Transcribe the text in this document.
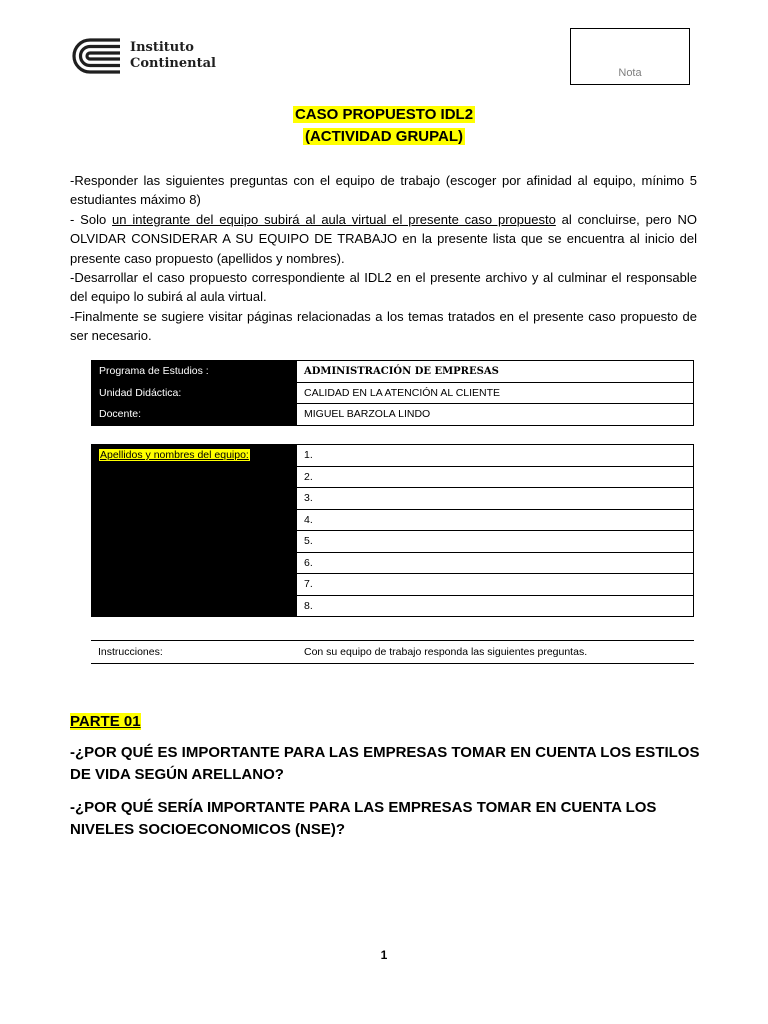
Instituto
Continental
Nota
CASO PROPUESTO IDL2
(ACTIVIDAD GRUPAL)

-Responder las siguientes preguntas con el equipo de trabajo (escoger por afinidad al equipo, mínimo 5 estudiantes máximo 8)

- Solo un integrante del equipo subirá al aula virtual el presente caso propuesto al concluirse, pero NO OLVIDAR CONSIDERAR A SU EQUIPO DE TRABAJO en la presente lista que se encuentra al inicio del presente caso propuesto (apellidos y nombres).

-Desarrollar el caso propuesto correspondiente al IDL2 en el presente archivo y al culminar el responsable del equipo lo subirá al aula virtual.

-Finalmente se sugiere visitar páginas relacionadas a los temas tratados en el presente caso propuesto de ser necesario.

Programa de Estudios :	ADMINISTRACIÓN DE EMPRESAS
Unidad Didáctica:	CALIDAD EN LA ATENCIÓN AL CLIENTE
Docente:	MIGUEL BARZOLA LINDO
Apellidos y nombres del equipo:	1.
2.
3.
4.
5.
6.
7.
8.
Instrucciones:	Con su equipo de trabajo responda las siguientes preguntas.
PARTE 01

-¿POR QUÉ ES IMPORTANTE PARA LAS EMPRESAS TOMAR EN CUENTA LOS ESTILOS DE VIDA SEGÚN ARELLANO?

-¿POR QUÉ SERÍA IMPORTANTE PARA LAS EMPRESAS TOMAR EN CUENTA LOS NIVELES SOCIOECONOMICOS (NSE)?

1
